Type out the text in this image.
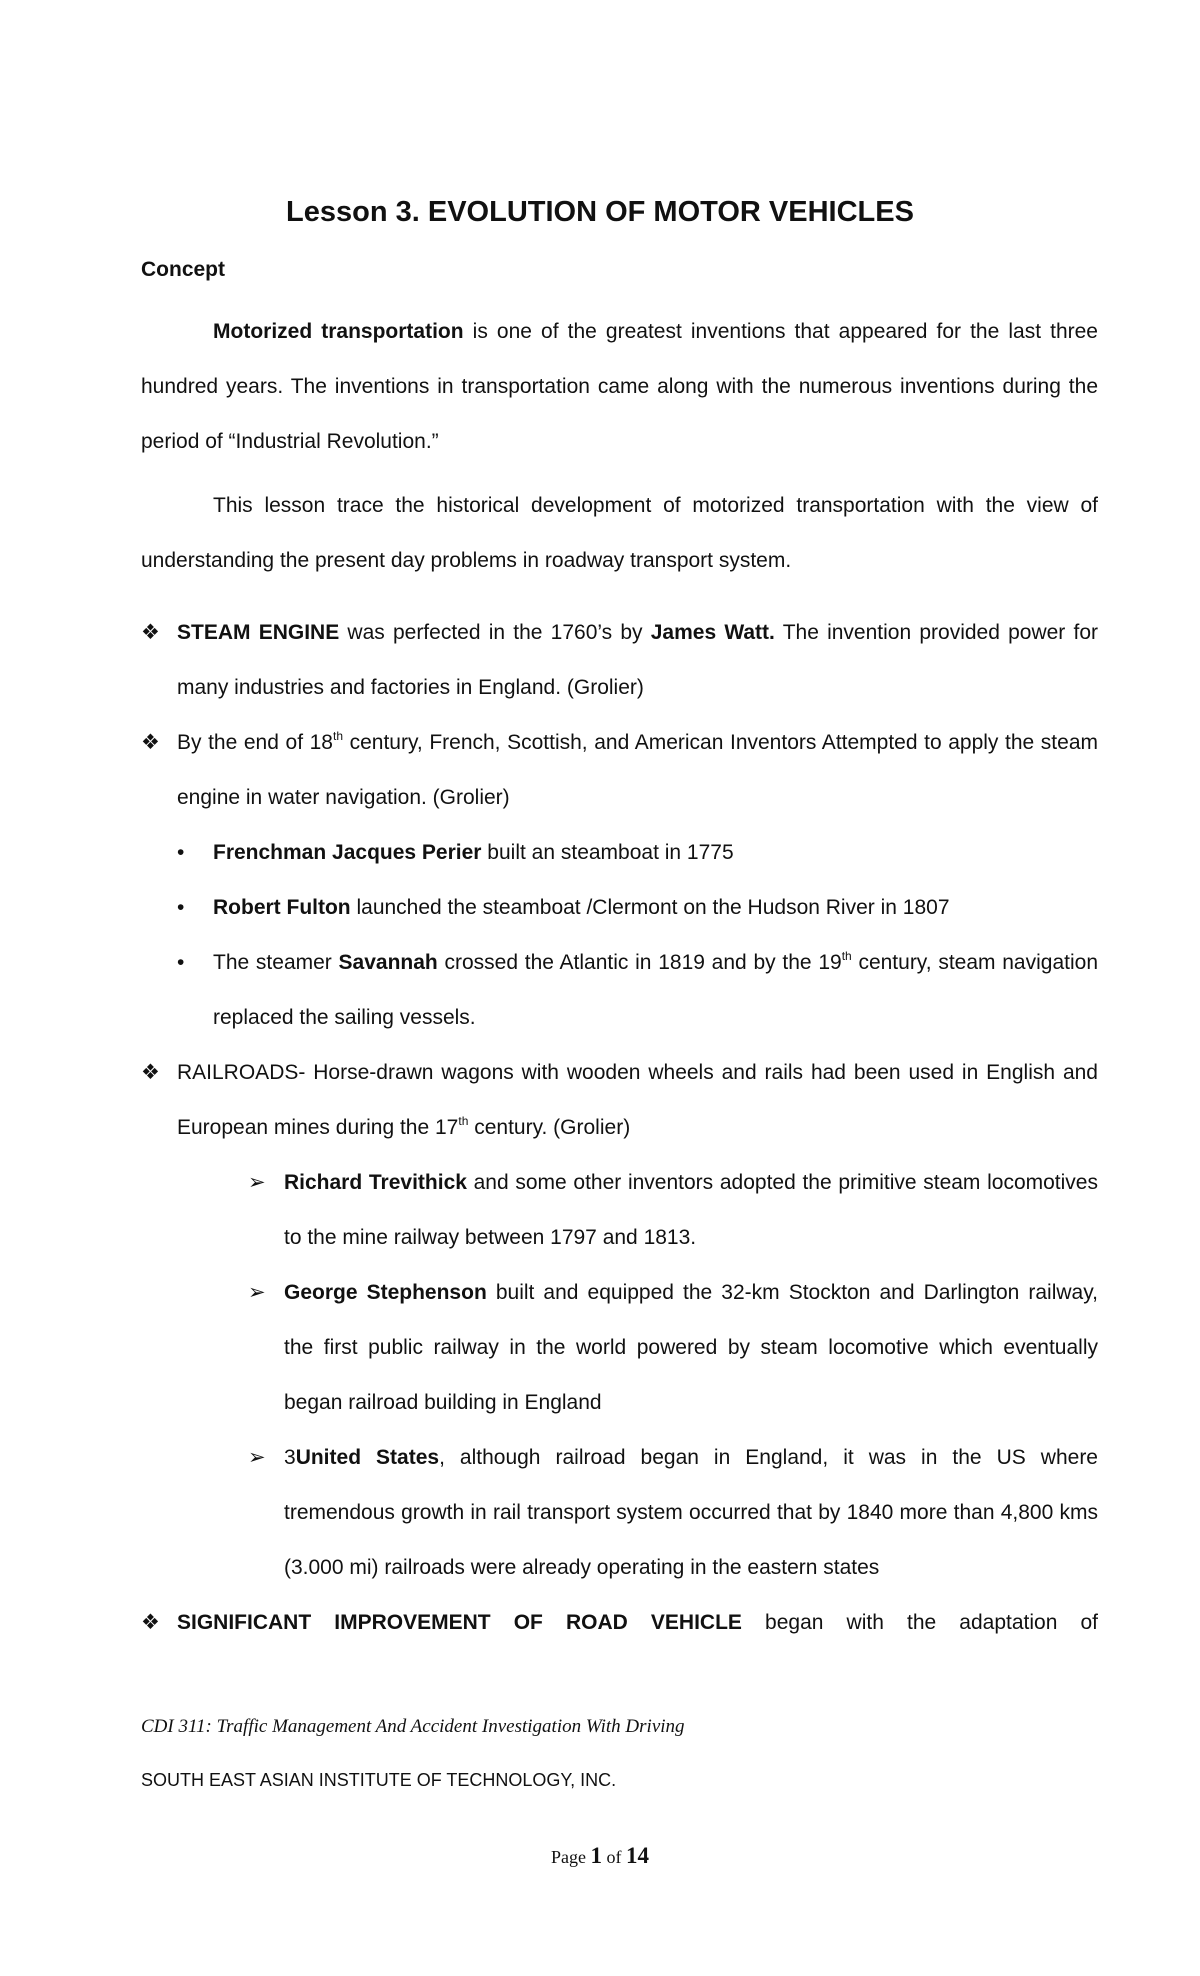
Lesson 3. EVOLUTION OF MOTOR VEHICLES
Concept

Motorized transportation is one of the greatest inventions that appeared for the last three hundred years. The inventions in transportation came along with the numerous inventions during the period of “Industrial Revolution.”

This lesson trace the historical development of motorized transportation with the view of understanding the present day problems in roadway transport system.

❖ STEAM ENGINE was perfected in the 1760’s by James Watt. The invention provided power for many industries and factories in England. (Grolier)

❖ By the end of 18th century, French, Scottish, and American Inventors Attempted to apply the steam engine in water navigation. (Grolier)

• Frenchman Jacques Perier built an steamboat in 1775

• Robert Fulton launched the steamboat /Clermont on the Hudson River in 1807

• The steamer Savannah crossed the Atlantic in 1819 and by the 19th century, steam navigation replaced the sailing vessels.

❖ RAILROADS- Horse-drawn wagons with wooden wheels and rails had been used in English and European mines during the 17th century. (Grolier)

➢ Richard Trevithick and some other inventors adopted the primitive steam locomotives to the mine railway between 1797 and 1813.

➢ George Stephenson built and equipped the 32-km Stockton and Darlington railway, the first public railway in the world powered by steam locomotive which eventually began railroad building in England

➢ 3United States, although railroad began in England, it was in the US where tremendous growth in rail transport system occurred that by 1840 more than 4,800 kms (3.000 mi) railroads were already operating in the eastern states

❖ SIGNIFICANT IMPROVEMENT OF ROAD VEHICLE began with the adaptation of

CDI 311: Traffic Management And Accident Investigation With Driving

SOUTH EAST ASIAN INSTITUTE OF TECHNOLOGY, INC.

Page 1 of 14
